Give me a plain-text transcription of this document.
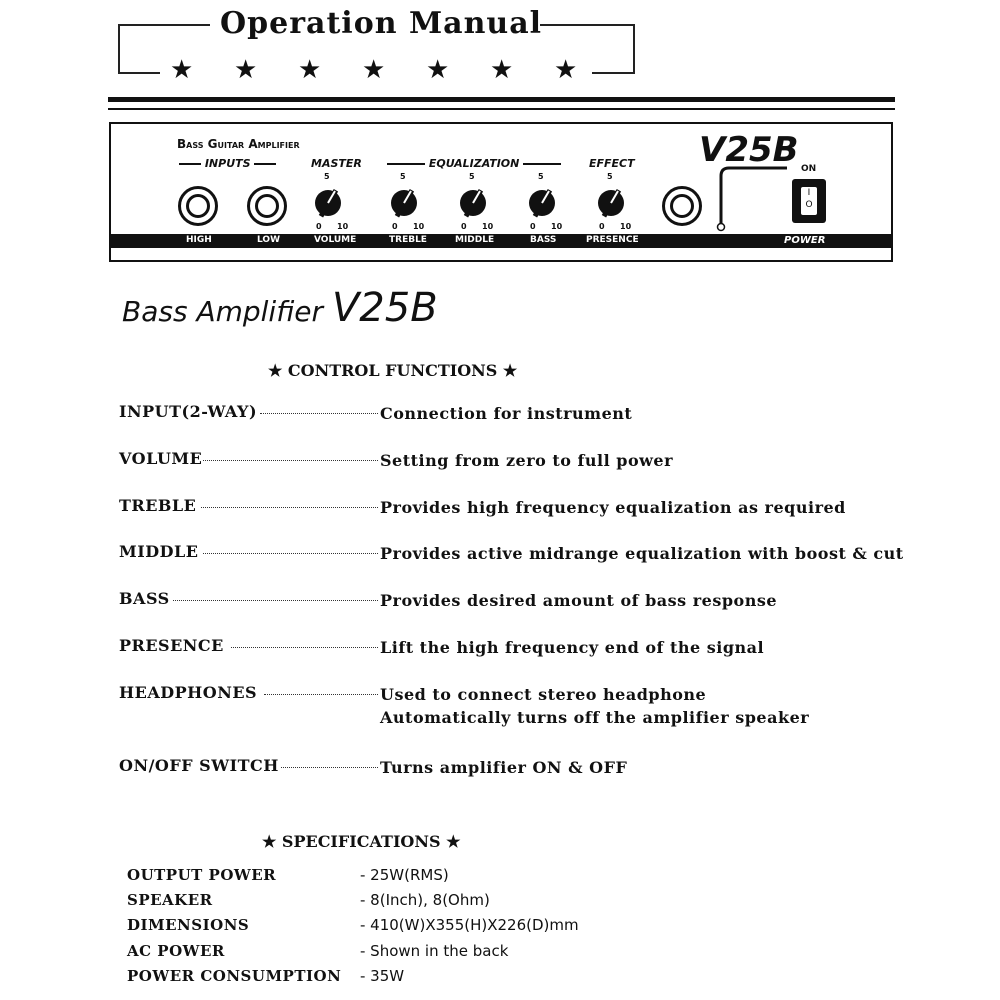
Operation Manual
★	★	★	★	★	★	★
Bass Guitar Amplifier
INPUTS	MASTER	EQUALIZATION	EFFECT V25B ON
5
0 10
5
0 10
5
0 10
5
0 10
5
0 10
I
O
HIGH	LOW	VOLUME	TREBLE	MIDDLE	BASS	PRESENCE	POWER
Bass Amplifier V25B
★ CONTROL FUNCTIONS ★
INPUT(2-WAY)	Connection for instrument
VOLUME	Setting from zero to full power
TREBLE	Provides high frequency equalization as required
MIDDLE	Provides active midrange equalization with boost & cut
BASS	Provides desired amount of bass response
PRESENCE	Lift the high frequency end of the signal
HEADPHONES	Used to connect stereo headphone
Automatically turns off the amplifier speaker
ON/OFF SWITCH	Turns amplifier ON & OFF
★ SPECIFICATIONS ★
OUTPUT POWER	- 25W(RMS)
SPEAKER	- 8(Inch), 8(Ohm)
DIMENSIONS	- 410(W)X355(H)X226(D)mm
AC POWER	- Shown in the back
POWER CONSUMPTION - 35W
